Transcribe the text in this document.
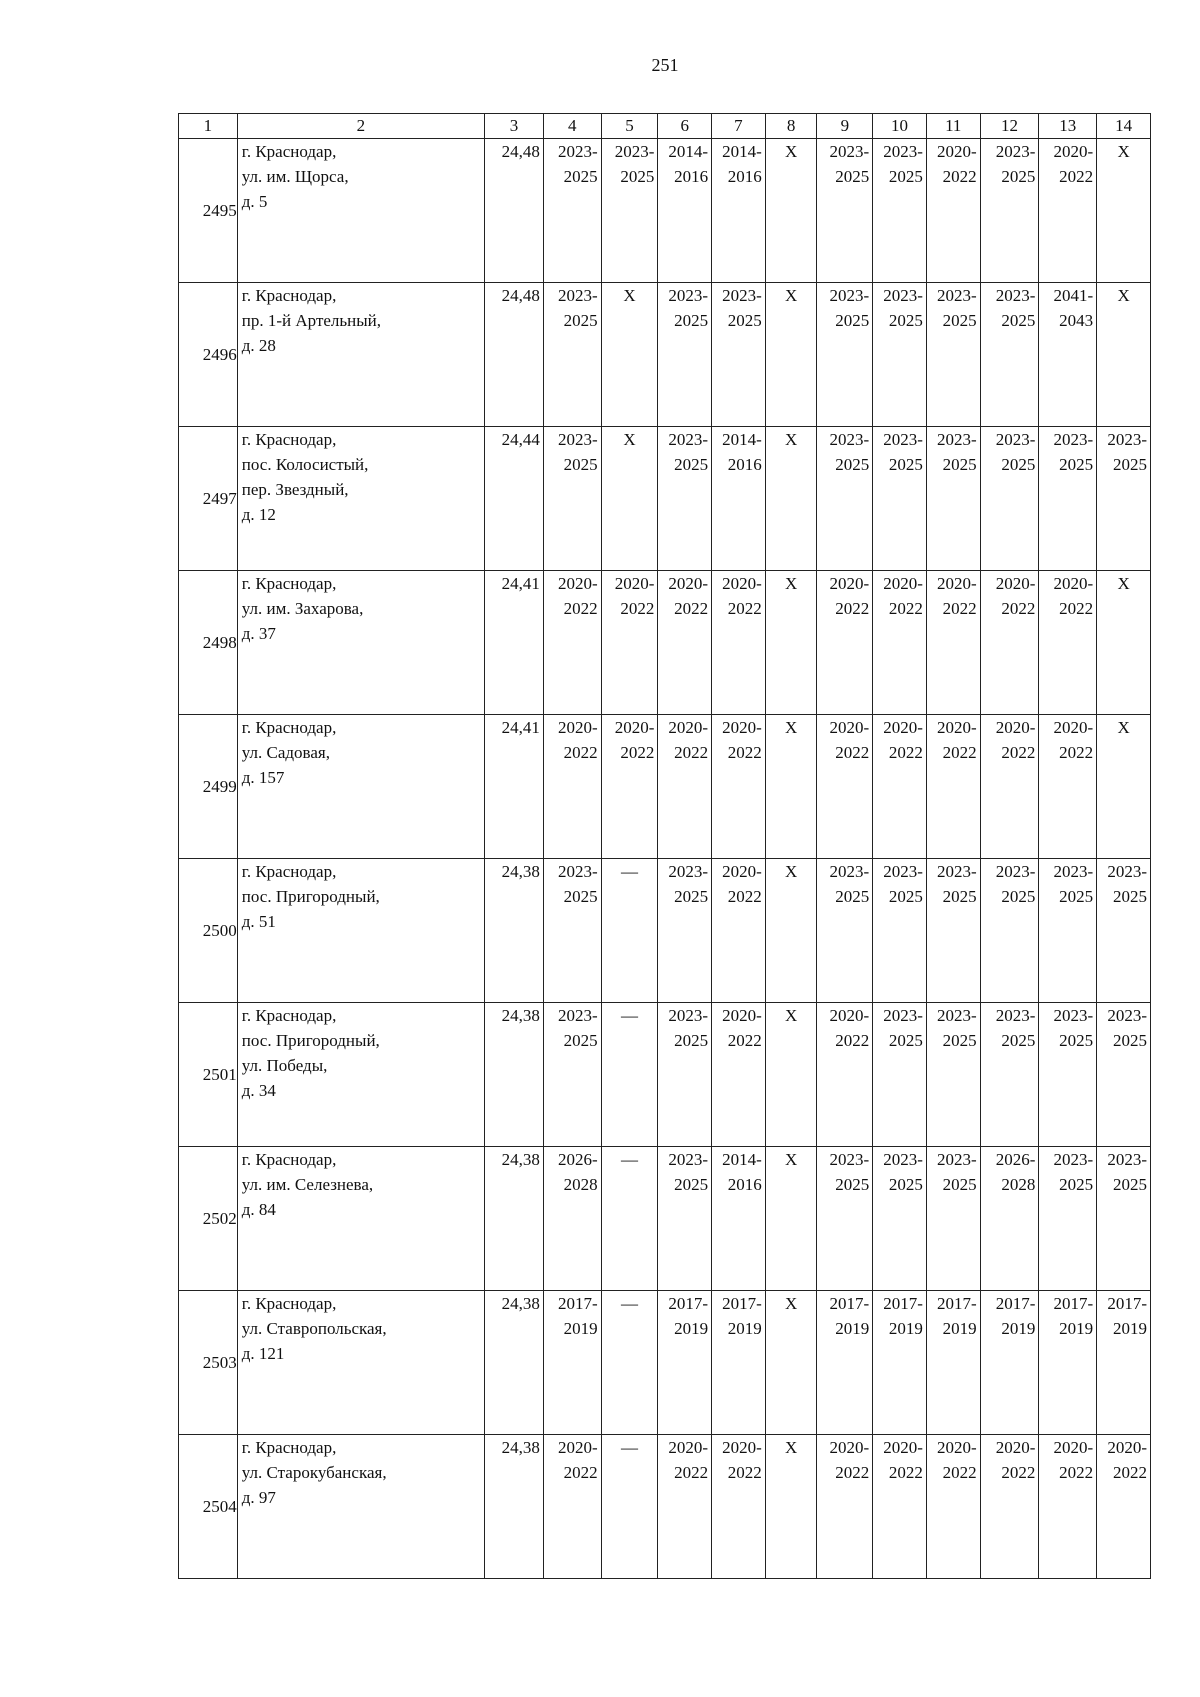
251
1	2	3	4	5	6	7	8	9	10	11	12	13	14
2495	г. Краснодар,
ул. им. Щорса,
д. 5	24,48	2023-
2025	2023-
2025	2014-
2016	2014-
2016	X	2023-
2025	2023-
2025	2020-
2022	2023-
2025	2020-
2022	X

2496	г. Краснодар,
пр. 1-й Артельный,
д. 28	24,48	2023-
2025	X	2023-
2025	2023-
2025	X	2023-
2025	2023-
2025	2023-
2025	2023-
2025	2041-
2043	X

2497	г. Краснодар,
пос. Колосистый,
пер. Звездный,
д. 12	24,44	2023-
2025	X	2023-
2025	2014-
2016	X	2023-
2025	2023-
2025	2023-
2025	2023-
2025	2023-
2025	2023-
2025

2498	г. Краснодар,
ул. им. Захарова,
д. 37	24,41	2020-
2022	2020-
2022	2020-
2022	2020-
2022	X	2020-
2022	2020-
2022	2020-
2022	2020-
2022	2020-
2022	X

2499	г. Краснодар,
ул. Садовая,
д. 157	24,41	2020-
2022	2020-
2022	2020-
2022	2020-
2022	X	2020-
2022	2020-
2022	2020-
2022	2020-
2022	2020-
2022	X

2500	г. Краснодар,
пос. Пригородный,
д. 51	24,38	2023-
2025	—	2023-
2025	2020-
2022	X	2023-
2025	2023-
2025	2023-
2025	2023-
2025	2023-
2025	2023-
2025

2501	г. Краснодар,
пос. Пригородный,
ул. Победы,
д. 34	24,38	2023-
2025	—	2023-
2025	2020-
2022	X	2020-
2022	2023-
2025	2023-
2025	2023-
2025	2023-
2025	2023-
2025

2502	г. Краснодар,
ул. им. Селезнева,
д. 84	24,38	2026-
2028	—	2023-
2025	2014-
2016	X	2023-
2025	2023-
2025	2023-
2025	2026-
2028	2023-
2025	2023-
2025

2503	г. Краснодар,
ул. Ставропольская,
д. 121	24,38	2017-
2019	—	2017-
2019	2017-
2019	X	2017-
2019	2017-
2019	2017-
2019	2017-
2019	2017-
2019	2017-
2019

2504	г. Краснодар,
ул. Старокубанская,
д. 97	24,38	2020-
2022	—	2020-
2022	2020-
2022	X	2020-
2022	2020-
2022	2020-
2022	2020-
2022	2020-
2022	2020-
2022
